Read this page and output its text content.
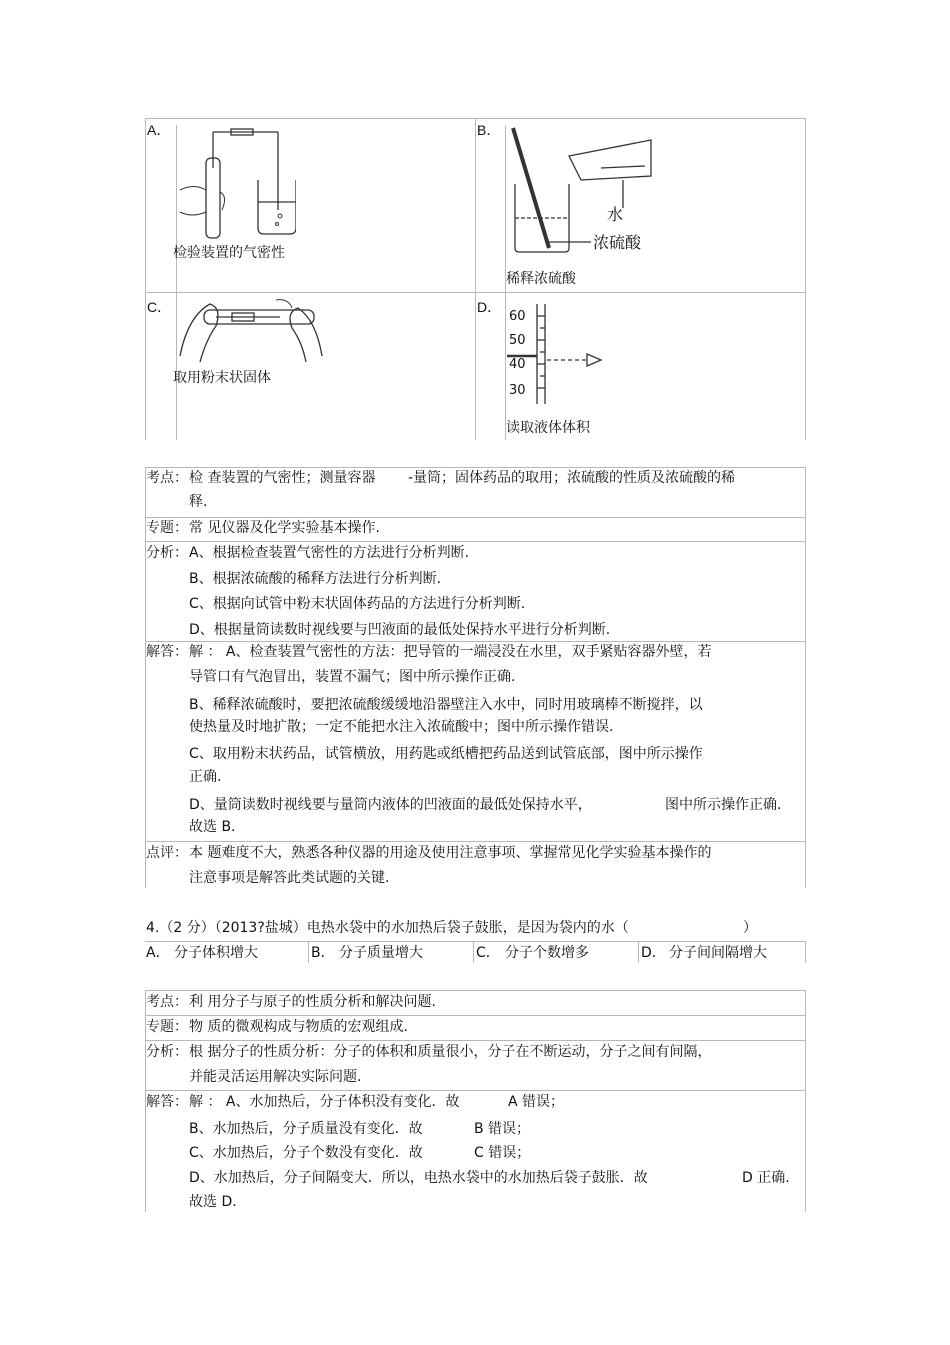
A．
检验装置的气密性
B．
水
浓硫酸
稀释浓硫酸
C．
取用粉末状固体
D．
60
50
40
30
读取液体体积
考点： 检 查装置的气密性；测量容器 -量筒；固体药品的取用；浓硫酸的性质及浓硫酸的稀
释.
专题： 常 见仪器及化学实验基本操作.
分析： A、根据检查装置气密性的方法进行分析判断.
B、根据浓硫酸的稀释方法进行分析判断.
C、根据向试管中粉末状固体药品的方法进行分析判断.
D、根据量筒读数时视线要与凹液面的最低处保持水平进行分析判断.
解答： 解 ： A、检查装置气密性的方法：把导管的一端浸没在水里，双手紧贴容器外壁，若
导管口有气泡冒出，装置不漏气；图中所示操作正确.
B、稀释浓硫酸时，要把浓硫酸缓缓地沿器壁注入水中，同时用玻璃棒不断搅拌，以
使热量及时地扩散；一定不能把水注入浓硫酸中；图中所示操作错误.
C、取用粉末状药品，试管横放，用药匙或纸槽把药品送到试管底部，图中所示操作
正确.
D、量筒读数时视线要与量筒内液体的凹液面的最低处保持水平，	图中所示操作正确.
故选 B.
点评： 本 题难度不大，熟悉各种仪器的用途及使用注意事项、掌握常见化学实验基本操作的
注意事项是解答此类试题的关键.
4.（2 分）（2013?盐城）电热水袋中的水加热后袋子鼓胀，是因为袋内的水（	）
A． 分子体积增大	B． 分子质量增大	C． 分子个数增多	D． 分子间间隔增大
考点： 利 用分子与原子的性质分析和解决问题.
专题： 物 质的微观构成与物质的宏观组成.
分析： 根 据分子的性质分析：分子的体积和质量很小，分子在不断运动，分子之间有间隔，
并能灵活运用解决实际问题.
解答： 解 ： A、水加热后，分子体积没有变化．故	A 错误；
B、水加热后，分子质量没有变化．故	B 错误；
C、水加热后，分子个数没有变化．故	C 错误；
D、水加热后，分子间隔变大．所以，电热水袋中的水加热后袋子鼓胀．故	D 正确.
故选 D.
